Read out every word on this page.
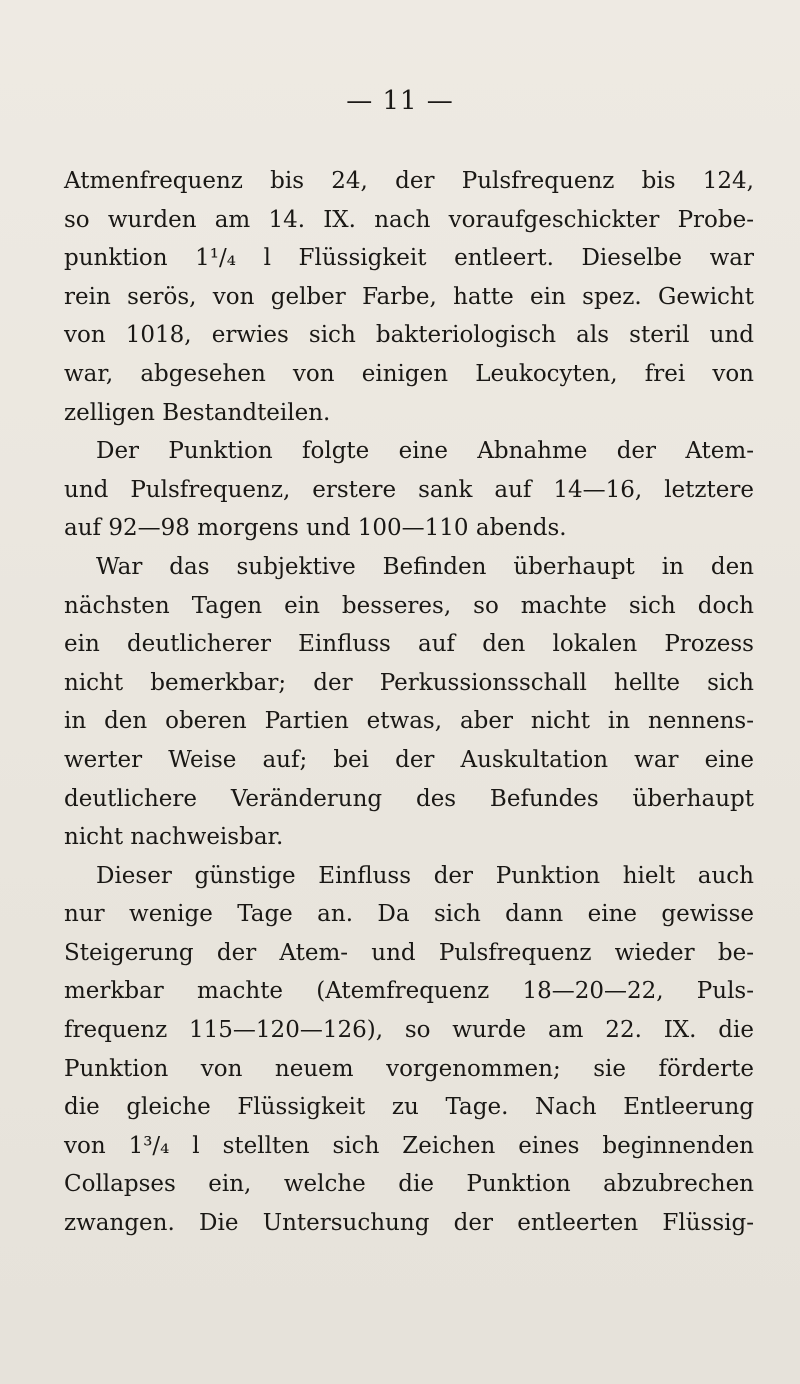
— 11 —
Atmenfrequenz bis 24, der Pulsfrequenz bis 124,
so wurden am 14. IX. nach voraufgeschickter Probe-
punktion 1¹/₄ l Flüssigkeit entleert. Dieselbe war
rein serös, von gelber Farbe, hatte ein spez. Gewicht
von 1018, erwies sich bakteriologisch als steril und
war, abgesehen von einigen Leukocyten, frei von
zelligen Bestandteilen.
Der Punktion folgte eine Abnahme der Atem-
und Pulsfrequenz, erstere sank auf 14—16, letztere
auf 92—98 morgens und 100—110 abends.
War das subjektive Befinden überhaupt in den
nächsten Tagen ein besseres, so machte sich doch
ein deutlicherer Einfluss auf den lokalen Prozess
nicht bemerkbar; der Perkussionsschall hellte sich
in den oberen Partien etwas, aber nicht in nennens-
werter Weise auf; bei der Auskultation war eine
deutlichere Veränderung des Befundes überhaupt
nicht nachweisbar.
Dieser günstige Einfluss der Punktion hielt auch
nur wenige Tage an. Da sich dann eine gewisse
Steigerung der Atem- und Pulsfrequenz wieder be-
merkbar machte (Atemfrequenz 18—20—22, Puls-
frequenz 115—120—126), so wurde am 22. IX. die
Punktion von neuem vorgenommen; sie förderte
die gleiche Flüssigkeit zu Tage. Nach Entleerung
von 1³/₄ l stellten sich Zeichen eines beginnenden
Collapses ein, welche die Punktion abzubrechen
zwangen. Die Untersuchung der entleerten Flüssig-
